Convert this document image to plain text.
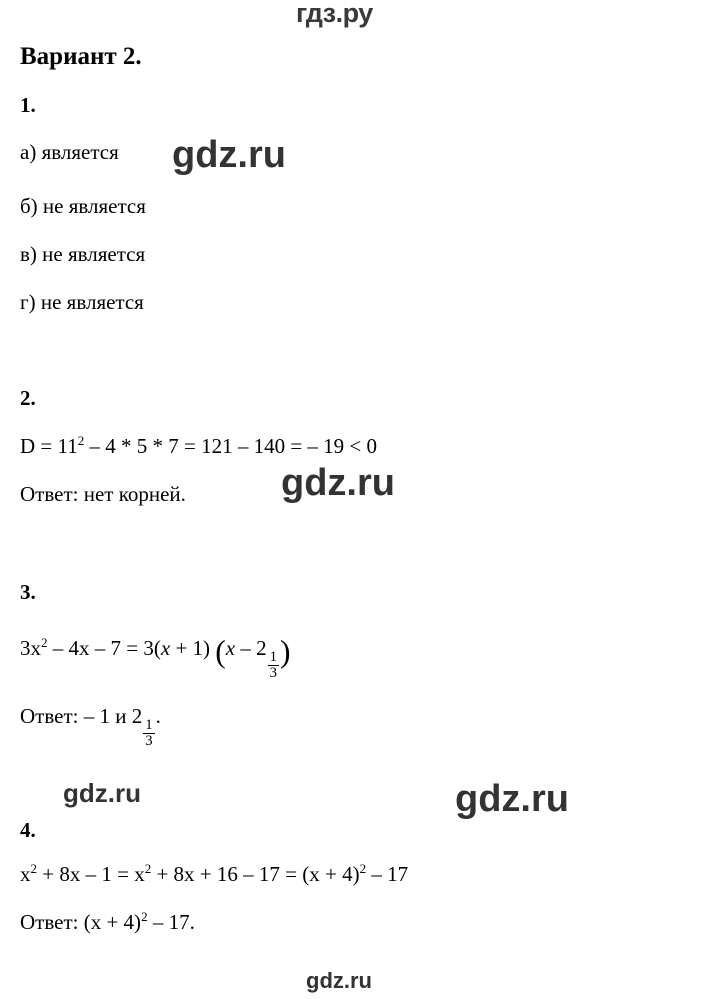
гдз.ру
Вариант 2.
1.
а) является
б) не является
в) не является
г) не является
2.
$D = 11^2 - 4 * 5 * 7 = 121 - 140$ = – 19 < 0
Ответ: нет корней.
3.
$3x^2 - 4x - 7 = 3(x + 1)$ (x – 2
$\frac{1}{3}$ )
Ответ: – 1 и 2
$\frac{1}{3}$
.
4.
$x^2 + 8x - 1 = x^2 + 8x + 16 - 17 = (x + 4)^2 - 17$
Ответ: $(x + 4)^2 - 17$.
gdz.ru
gdz.ru
gdz.ru	gdz.ru
gdz.ru
